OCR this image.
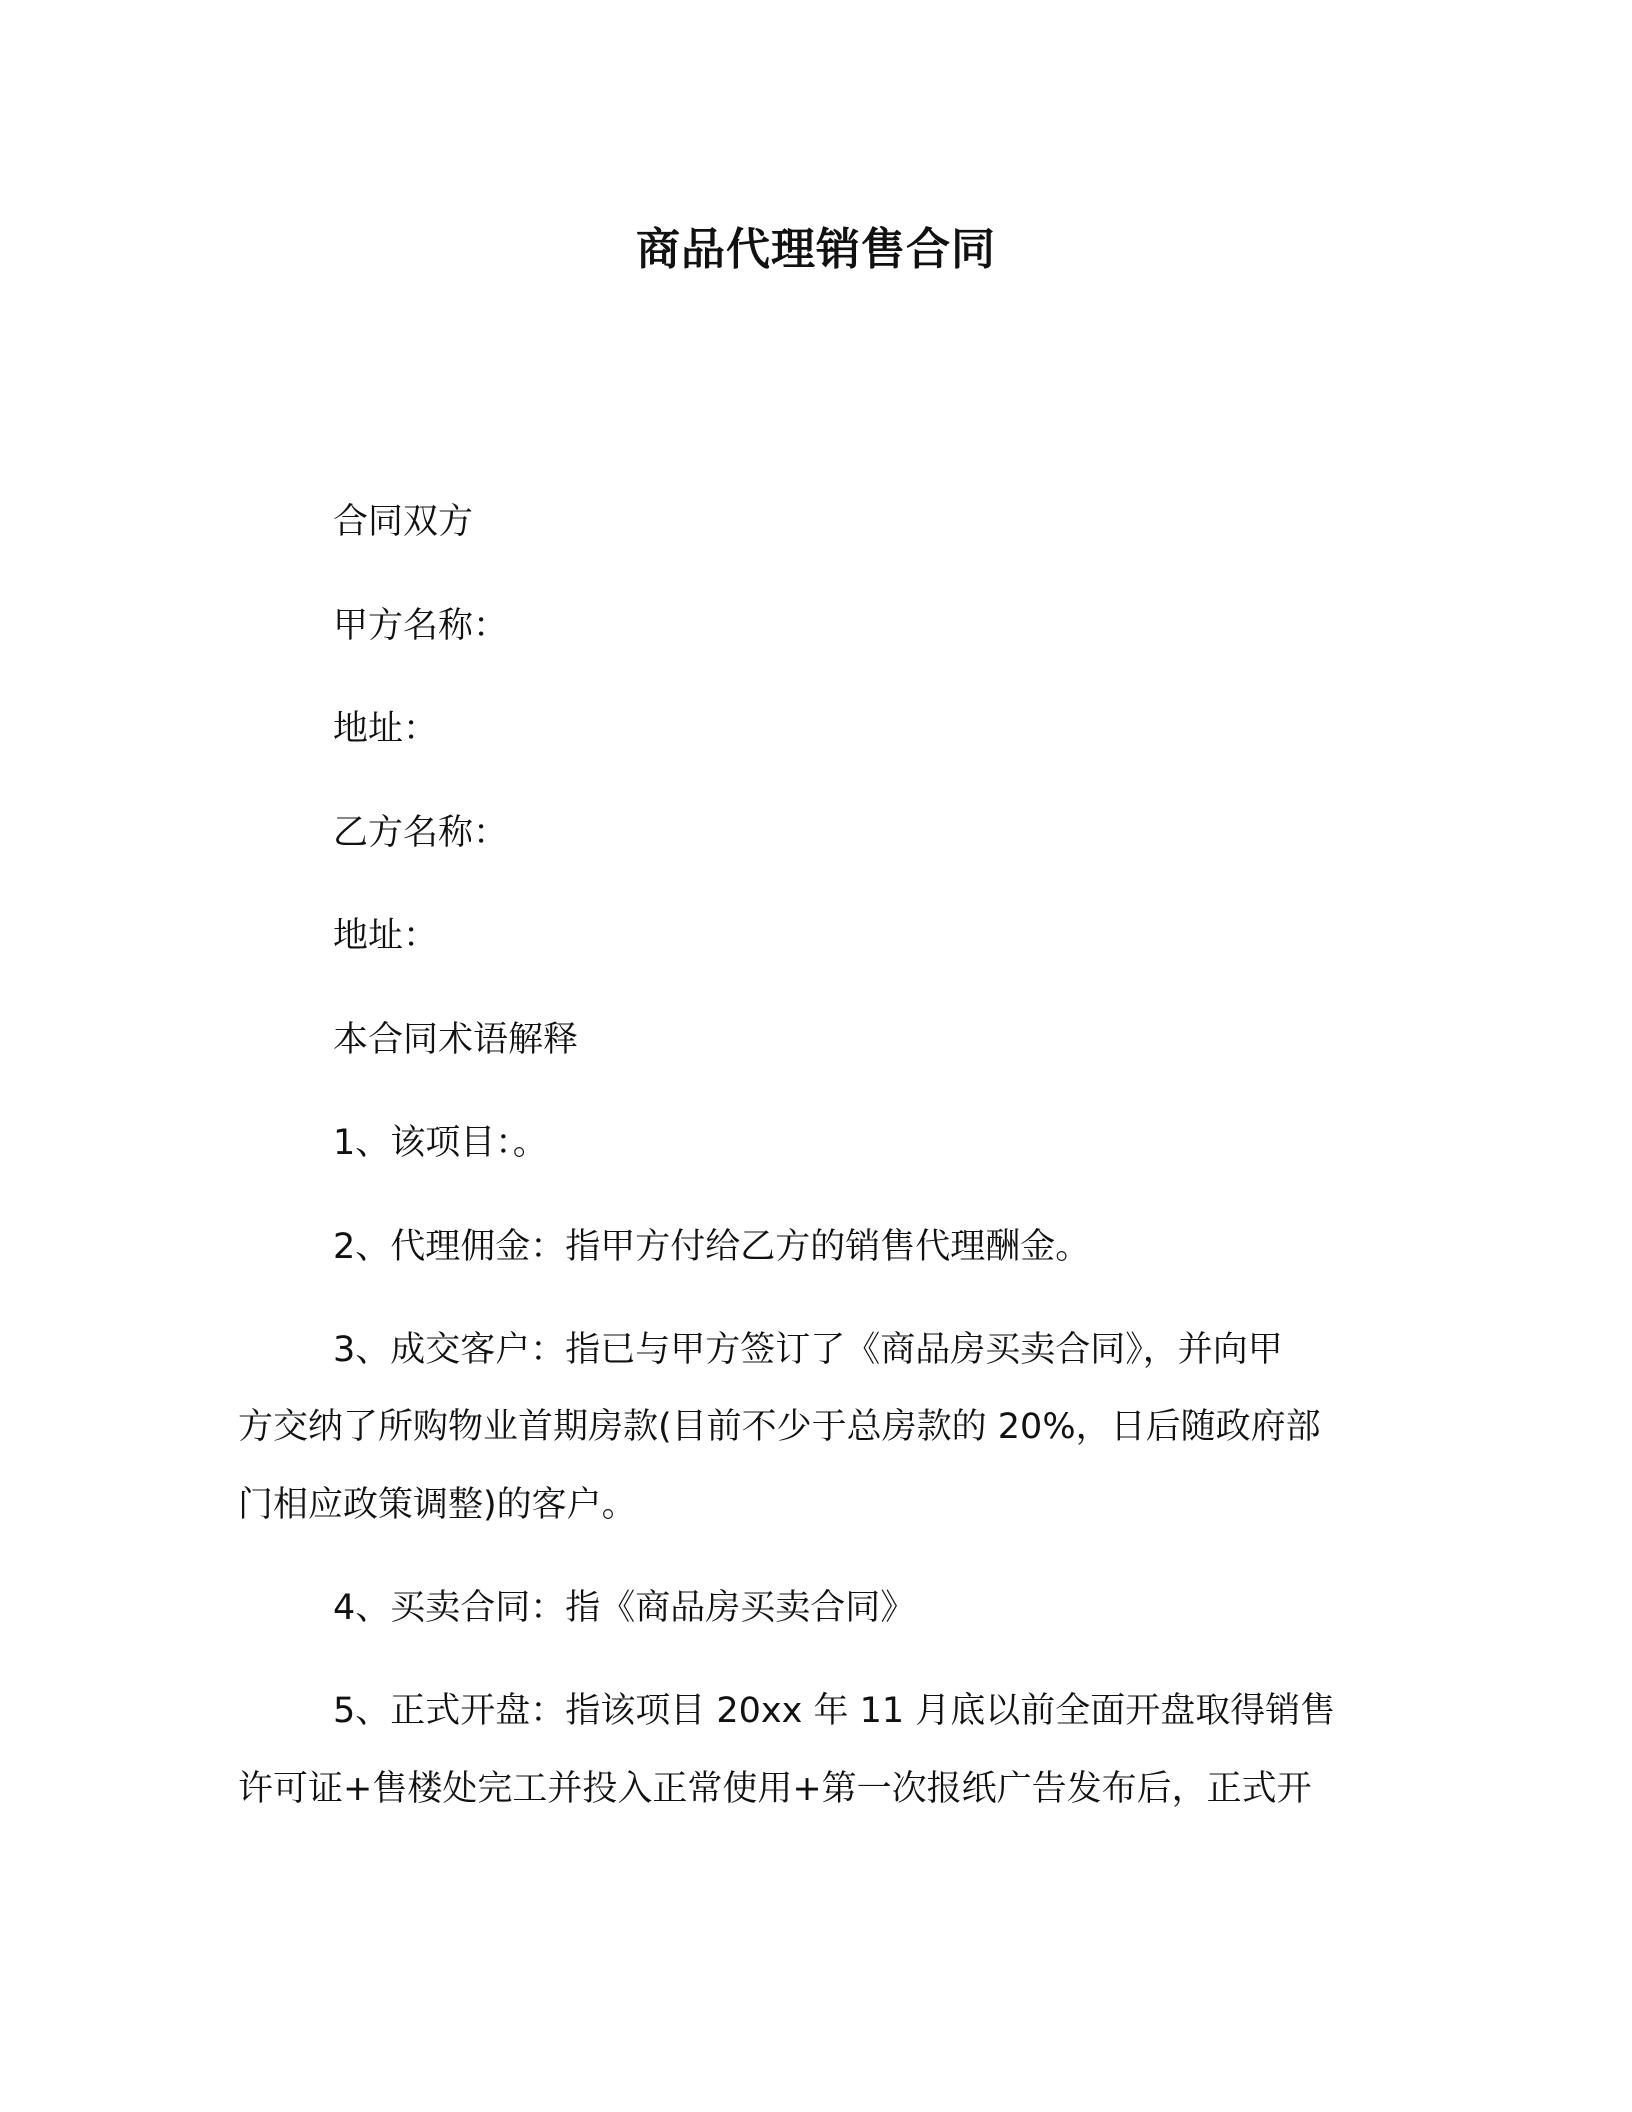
商品代理销售合同

合同双方

甲方名称：

地址：

乙方名称：

地址：

本合同术语解释

1、该项目：。

2、代理佣金：指甲方付给乙方的销售代理酬金。

3、成交客户：指已与甲方签订了《商品房买卖合同》，并向甲

方交纳了所购物业首期房款(目前不少于总房款的 20%，日后随政府部

门相应政策调整)的客户。

4、买卖合同：指《商品房买卖合同》

5、正式开盘：指该项目 20xx 年 11 月底以前全面开盘取得销售

许可证+售楼处完工并投入正常使用+第一次报纸广告发布后，正式开
